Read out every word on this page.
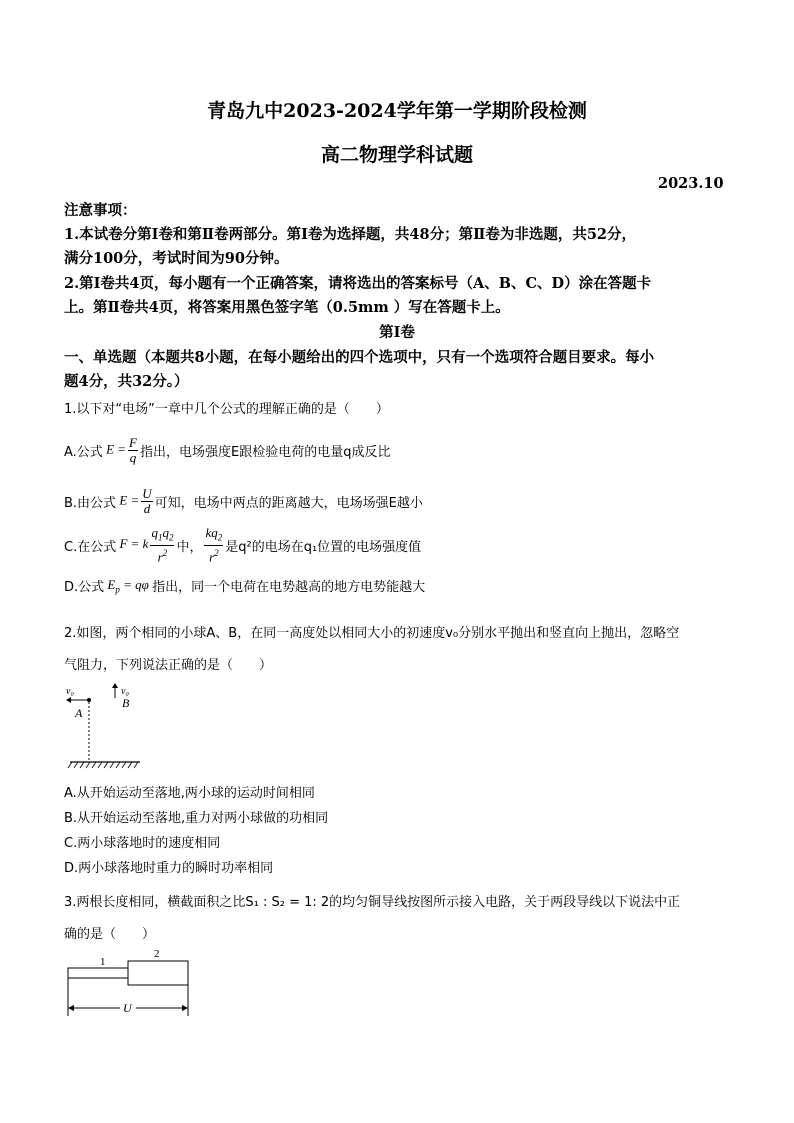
青岛九中2023-2024学年第一学期阶段检测
高二物理学科试题
2023.10
注意事项：
1.本试卷分第Ⅰ卷和第Ⅱ卷两部分。第Ⅰ卷为选择题，共48分；第Ⅱ卷为非选题，共52分，
满分100分，考试时间为90分钟。
2.第Ⅰ卷共4页，每小题有一个正确答案，请将选出的答案标号（A、B、C、D）涂在答题卡
上。第Ⅱ卷共4页，将答案用黑色签字笔（0.5mm ）写在答题卡上。
第Ⅰ卷
一、单选题（本题共8小题，在每小题给出的四个选项中，只有一个选项符合题目要求。每小
题4分，共32分。）
1.以下对“电场”一章中几个公式的理解正确的是（　　）
A.公式 $E = \frac{F}{q}$ 指出，电场强度E跟检验电荷的电量q成反比
B.由公式 $E = \frac{U}{d}$ 可知，电场中两点的距离越大，电场场强E越小
C.在公式 F = k $\frac{q_1q_2}{r^2}$ 中， $\frac{kq_2}{r^2}$ 是q²的电场在q₁位置的电场强度值
D.公式 $E_p = q\varphi$ 指出，同一个电荷在电势越高的地方电势能越大
2.如图，两个相同的小球A、B，在同一高度处以相同大小的初速度v₀分别水平抛出和竖直向上抛出，忽略空
气阻力，下列说法正确的是（　　）
v₀
A
v₀
B
A.从开始运动至落地,两小球的运动时间相同
B.从开始运动至落地,重力对两小球做的功相同
C.两小球落地时的速度相同
D.两小球落地时重力的瞬时功率相同
3.两根长度相同，横截面积之比S₁ : S₂ = 1: 2的均匀铜导线按图所示接入电路，关于两段导线以下说法中正
确的是（　　）
1
2
U
